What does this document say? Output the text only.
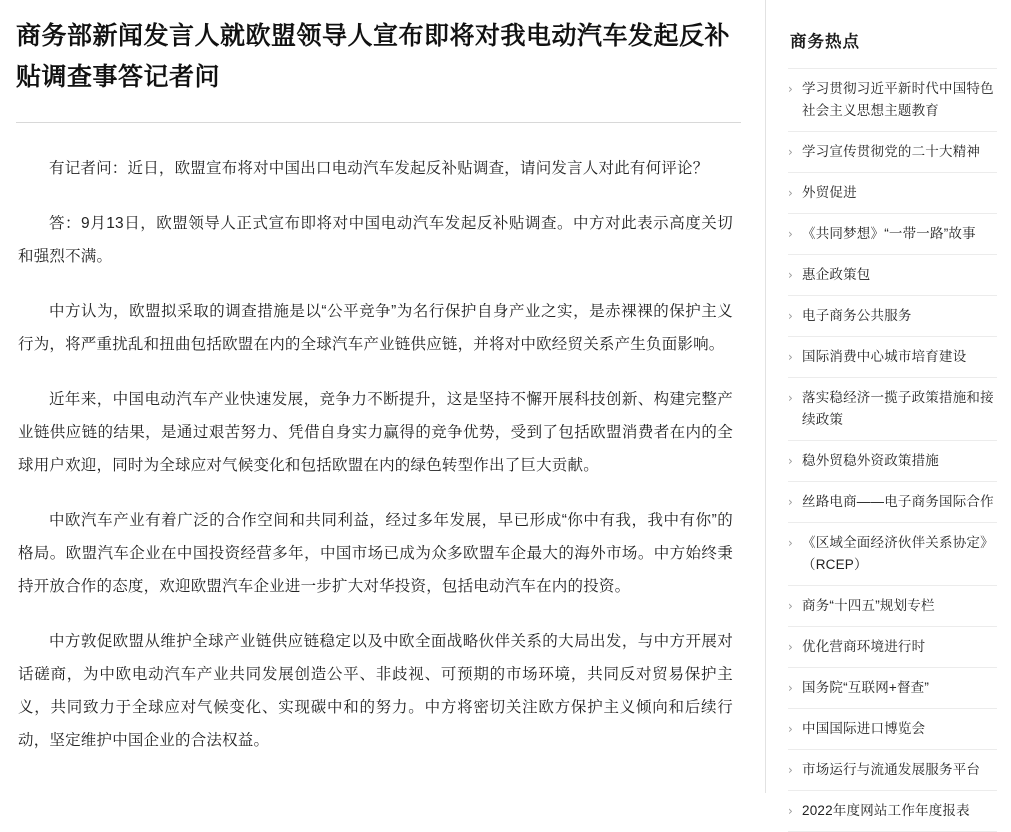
商务部新闻发言人就欧盟领导人宣布即将对我电动汽车发起反补贴调查事答记者问

有记者问：近日，欧盟宣布将对中国出口电动汽车发起反补贴调查，请问发言人对此有何评论？

答：9月13日，欧盟领导人正式宣布即将对中国电动汽车发起反补贴调查。中方对此表示高度关切和强烈不满。

中方认为，欧盟拟采取的调查措施是以“公平竞争”为名行保护自身产业之实，是赤裸裸的保护主义行为，将严重扰乱和扭曲包括欧盟在内的全球汽车产业链供应链，并将对中欧经贸关系产生负面影响。

近年来，中国电动汽车产业快速发展，竞争力不断提升，这是坚持不懈开展科技创新、构建完整产业链供应链的结果，是通过艰苦努力、凭借自身实力赢得的竞争优势，受到了包括欧盟消费者在内的全球用户欢迎，同时为全球应对气候变化和包括欧盟在内的绿色转型作出了巨大贡献。

中欧汽车产业有着广泛的合作空间和共同利益，经过多年发展，早已形成“你中有我，我中有你”的格局。欧盟汽车企业在中国投资经营多年，中国市场已成为众多欧盟车企最大的海外市场。中方始终秉持开放合作的态度，欢迎欧盟汽车企业进一步扩大对华投资，包括电动汽车在内的投资。

中方敦促欧盟从维护全球产业链供应链稳定以及中欧全面战略伙伴关系的大局出发，与中方开展对话磋商，为中欧电动汽车产业共同发展创造公平、非歧视、可预期的市场环境，共同反对贸易保护主义，共同致力于全球应对气候变化、实现碳中和的努力。中方将密切关注欧方保护主义倾向和后续行动，坚定维护中国企业的合法权益。

商务热点
› 学习贯彻习近平新时代中国特色社会主义思想主题教育
› 学习宣传贯彻党的二十大精神
› 外贸促进
› 《共同梦想》“一带一路”故事
› 惠企政策包
› 电子商务公共服务
› 国际消费中心城市培育建设
› 落实稳经济一揽子政策措施和接续政策
› 稳外贸稳外资政策措施
› 丝路电商——电子商务国际合作
› 《区域全面经济伙伴关系协定》（RCEP）
› 商务“十四五”规划专栏
› 优化营商环境进行时
› 国务院“互联网+督查”
› 中国国际进口博览会
› 市场运行与流通发展服务平台
› 2022年度网站工作年度报表
